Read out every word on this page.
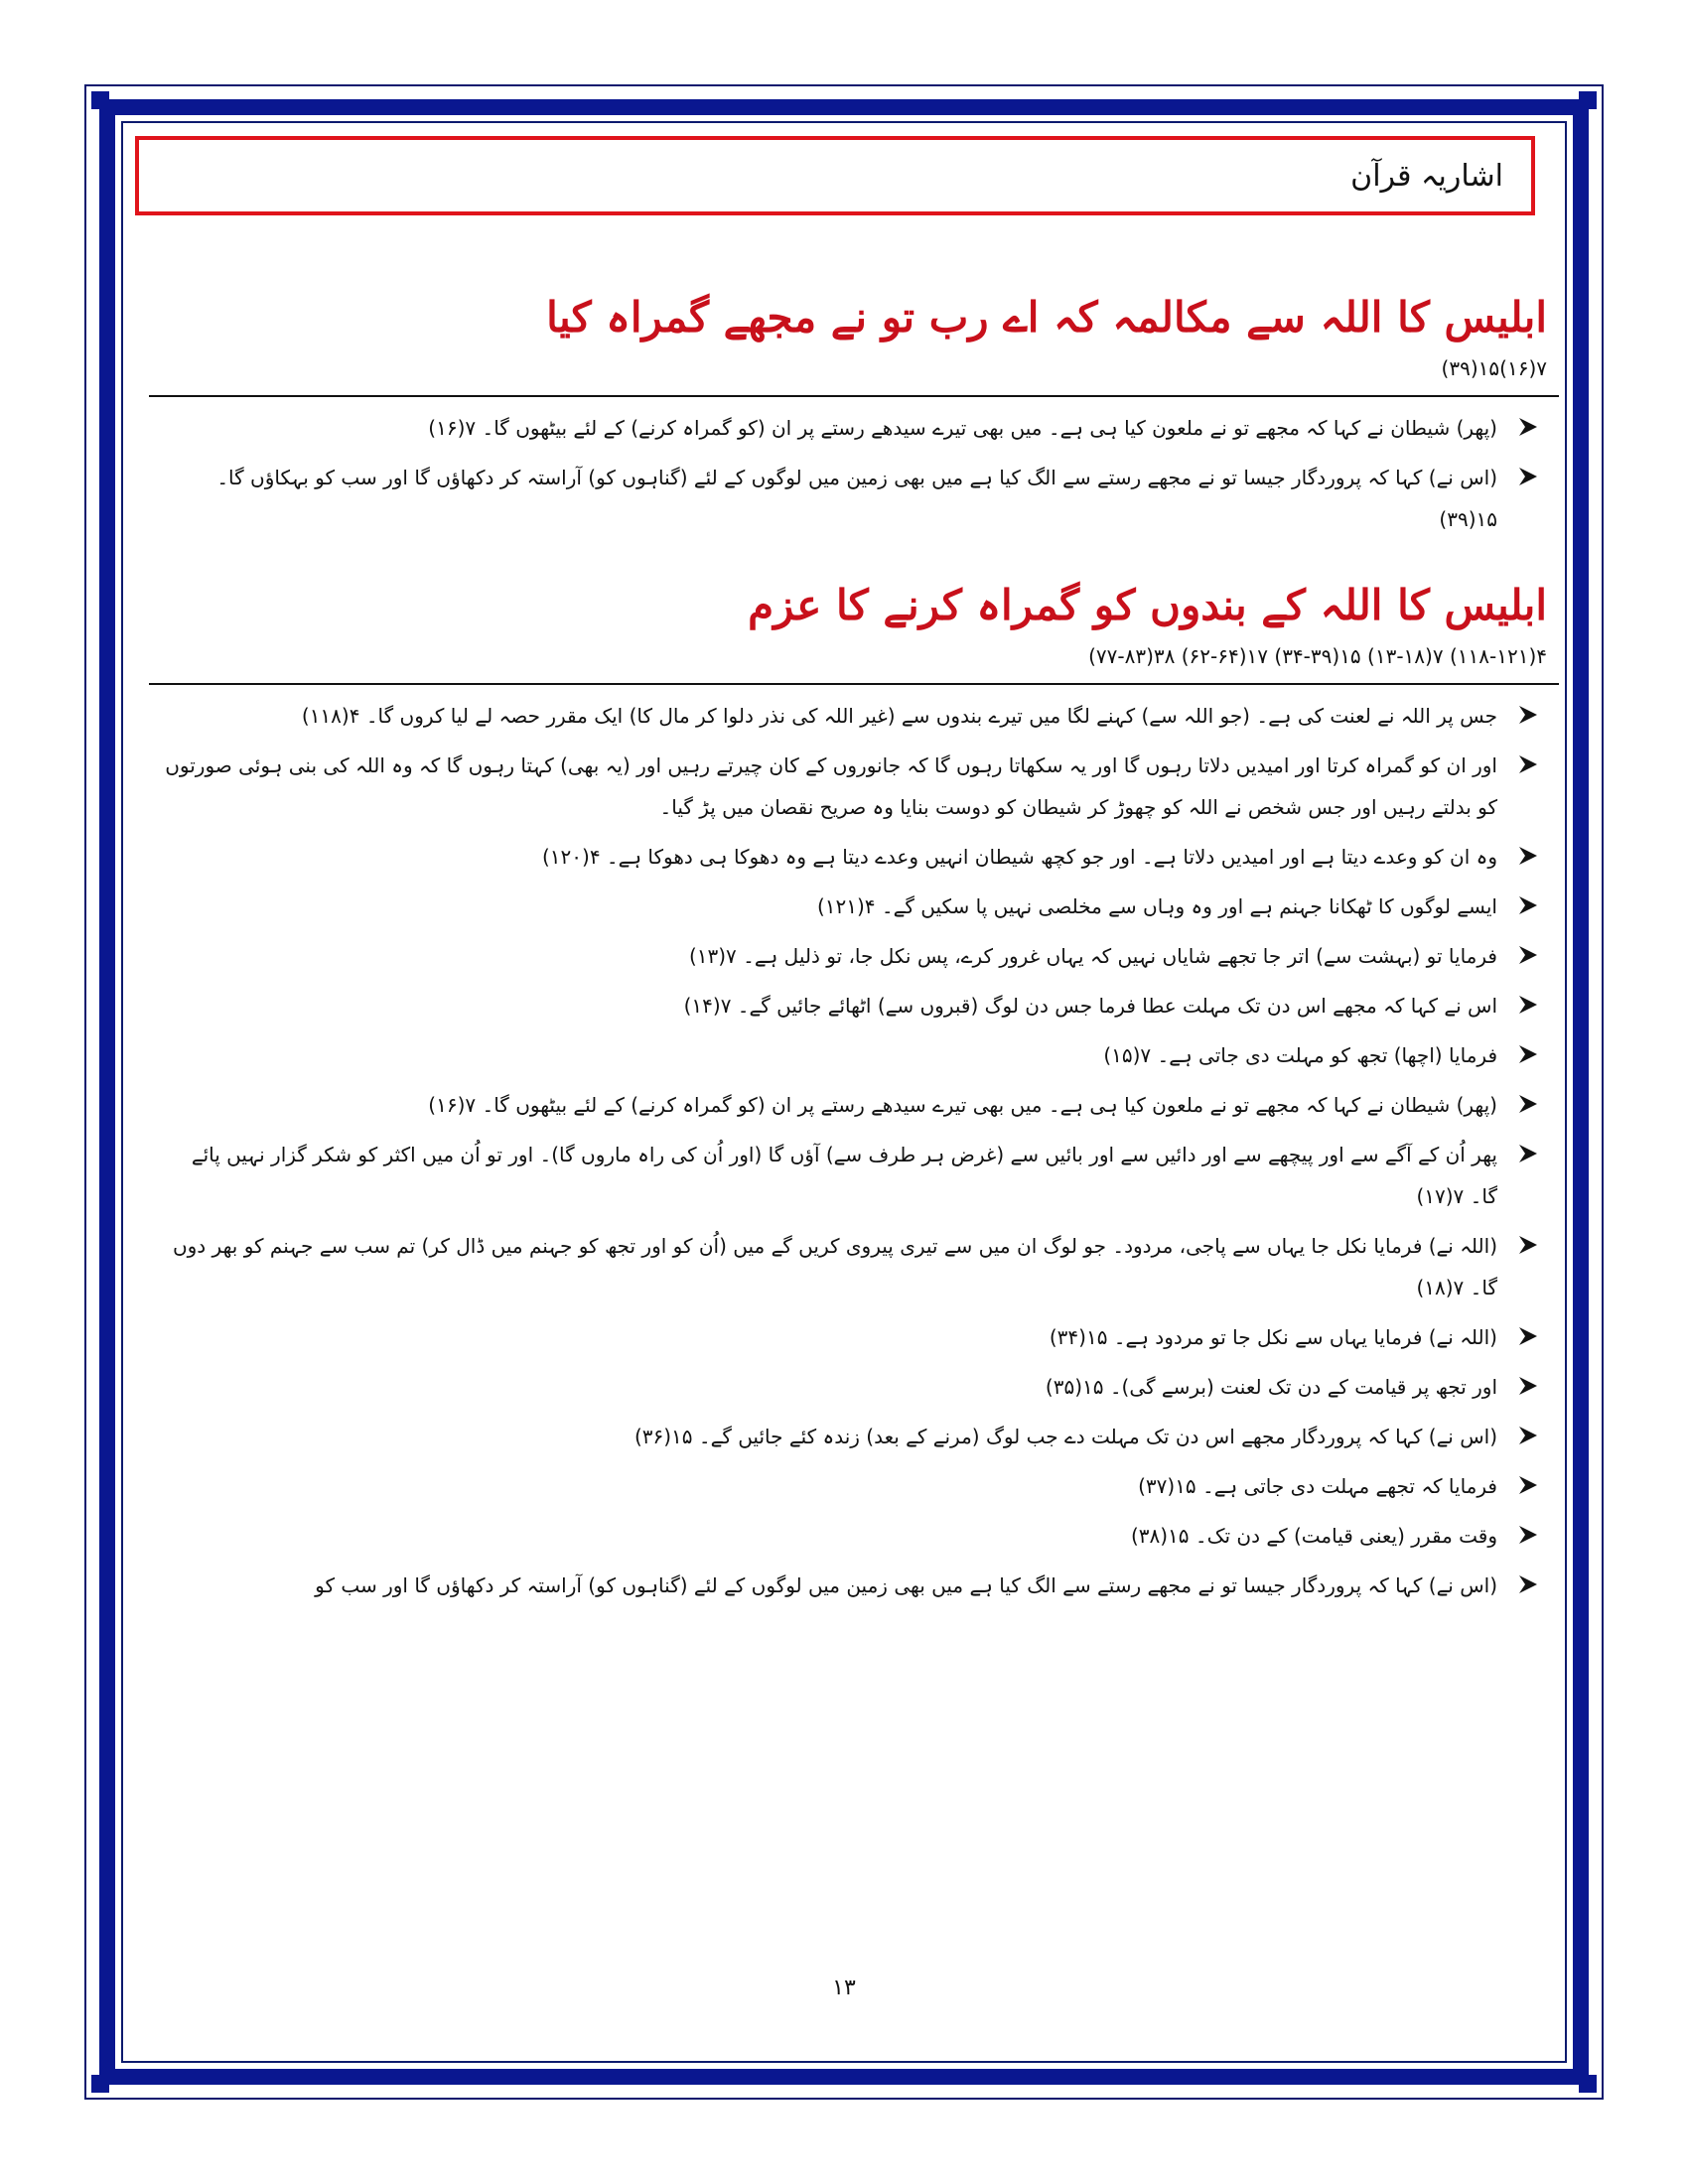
اشاریہ قرآن
ابلیس کا اللہ سے مکالمہ کہ اے رب تو نے مجھے گمراہ کیا
۷(۱۶)۱۵(۳۹)
(پھر) شیطان نے کہا کہ مجھے تو نے ملعون کیا ہی ہے۔ میں بھی تیرے سیدھے رستے پر ان (کو گمراہ کرنے) کے لئے بیٹھوں گا۔ ۷(۱۶)
(اس نے) کہا کہ پروردگار جیسا تو نے مجھے رستے سے الگ کیا ہے میں بھی زمین میں لوگوں کے لئے (گناہوں کو) آراستہ کر دکھاؤں گا اور سب کو بہکاؤں گا۔ ۱۵(۳۹)
ابلیس کا اللہ کے بندوں کو گمراہ کرنے کا عزم
۴(۱۱۸-۱۲۱) ۷(۱۳-۱۸) ۱۵(۳۴-۳۹) ۱۷(۶۲-۶۴) ۳۸(۷۷-۸۳)
جس پر اللہ نے لعنت کی ہے۔ (جو اللہ سے) کہنے لگا میں تیرے بندوں سے (غیر اللہ کی نذر دلوا کر مال کا) ایک مقرر حصہ لے لیا کروں گا۔ ۴(۱۱۸)
اور ان کو گمراہ کرتا اور امیدیں دلاتا رہوں گا اور یہ سکھاتا رہوں گا کہ جانوروں کے کان چیرتے رہیں اور (یہ بھی) کہتا رہوں گا کہ وہ اللہ کی بنی ہوئی صورتوں کو بدلتے رہیں اور جس شخص نے اللہ کو چھوڑ کر شیطان کو دوست بنایا وہ صریح نقصان میں پڑ گیا۔
وہ ان کو وعدے دیتا ہے اور امیدیں دلاتا ہے۔ اور جو کچھ شیطان انہیں وعدے دیتا ہے وہ دھوکا ہی دھوکا ہے۔ ۴(۱۲۰)
ایسے لوگوں کا ٹھکانا جہنم ہے اور وہ وہاں سے مخلصی نہیں پا سکیں گے۔ ۴(۱۲۱)
فرمایا تو (بہشت سے) اتر جا تجھے شایاں نہیں کہ یہاں غرور کرے، پس نکل جا، تو ذلیل ہے۔ ۷(۱۳)
اس نے کہا کہ مجھے اس دن تک مہلت عطا فرما جس دن لوگ (قبروں سے) اٹھائے جائیں گے۔ ۷(۱۴)
فرمایا (اچھا) تجھ کو مہلت دی جاتی ہے۔ ۷(۱۵)
(پھر) شیطان نے کہا کہ مجھے تو نے ملعون کیا ہی ہے۔ میں بھی تیرے سیدھے رستے پر ان (کو گمراہ کرنے) کے لئے بیٹھوں گا۔ ۷(۱۶)
پھر اُن کے آگے سے اور پیچھے سے اور دائیں سے اور بائیں سے (غرض ہر طرف سے) آؤں گا (اور اُن کی راہ ماروں گا)۔ اور تو اُن میں اکثر کو شکر گزار نہیں پائے گا۔ ۷(۱۷)
(اللہ نے) فرمایا نکل جا یہاں سے پاجی، مردود۔ جو لوگ ان میں سے تیری پیروی کریں گے میں (اُن کو اور تجھ کو جہنم میں ڈال کر) تم سب سے جہنم کو بھر دوں گا۔ ۷(۱۸)
(اللہ نے) فرمایا یہاں سے نکل جا تو مردود ہے۔ ۱۵(۳۴)
اور تجھ پر قیامت کے دن تک لعنت (برسے گی)۔ ۱۵(۳۵)
(اس نے) کہا کہ پروردگار مجھے اس دن تک مہلت دے جب لوگ (مرنے کے بعد) زندہ کئے جائیں گے۔ ۱۵(۳۶)
فرمایا کہ تجھے مہلت دی جاتی ہے۔ ۱۵(۳۷)
وقت مقرر (یعنی قیامت) کے دن تک۔ ۱۵(۳۸)
(اس نے) کہا کہ پروردگار جیسا تو نے مجھے رستے سے الگ کیا ہے میں بھی زمین میں لوگوں کے لئے (گناہوں کو) آراستہ کر دکھاؤں گا اور سب کو
۱۳
